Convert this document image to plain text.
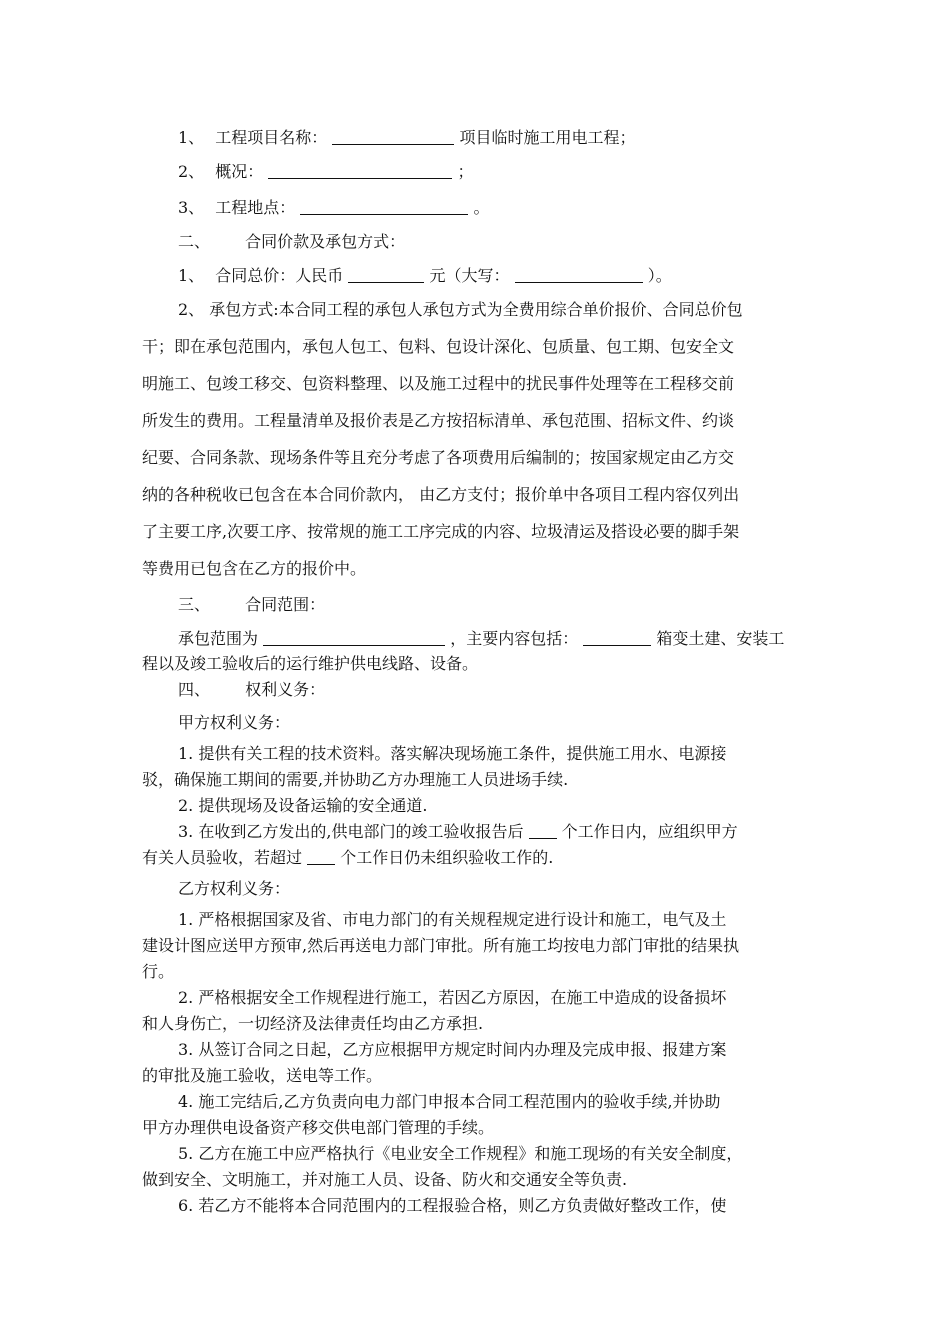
1、 工程项目名称：	项目临时施工用电工程；
2、 概况：	；
3、 工程地点：	。
二、 合同价款及承包方式：
1、 合同总价：人民币	元（大写：	）。
2、 承包方式:本合同工程的承包人承包方式为全费用综合单价报价、合同总价包
干；即在承包范围内，承包人包工、包料、包设计深化、包质量、包工期、包安全文
明施工、包竣工移交、包资料整理、以及施工过程中的扰民事件处理等在工程移交前
所发生的费用。工程量清单及报价表是乙方按招标清单、承包范围、招标文件、约谈
纪要、合同条款、现场条件等且充分考虑了各项费用后编制的；按国家规定由乙方交
纳的各种税收已包含在本合同价款内， 由乙方支付；报价单中各项目工程内容仅列出
了主要工序,次要工序、按常规的施工工序完成的内容、垃圾清运及搭设必要的脚手架
等费用已包含在乙方的报价中。
三、 合同范围：
承包范围为	，主要内容包括：	箱变土建、安装工
程以及竣工验收后的运行维护供电线路、设备。
四、 权利义务：
甲方权利义务：
1. 提供有关工程的技术资料。落实解决现场施工条件，提供施工用水、电源接
驳，确保施工期间的需要,并协助乙方办理施工人员进场手续.
2. 提供现场及设备运输的安全通道.
3. 在收到乙方发出的,供电部门的竣工验收报告后 个工作日内，应组织甲方
有关人员验收，若超过 个工作日仍未组织验收工作的.
乙方权利义务：
1. 严格根据国家及省、市电力部门的有关规程规定进行设计和施工，电气及土
建设计图应送甲方预审,然后再送电力部门审批。所有施工均按电力部门审批的结果执
行。
2. 严格根据安全工作规程进行施工，若因乙方原因，在施工中造成的设备损坏
和人身伤亡，一切经济及法律责任均由乙方承担.
3. 从签订合同之日起，乙方应根据甲方规定时间内办理及完成申报、报建方案
的审批及施工验收，送电等工作。
4. 施工完结后,乙方负责向电力部门申报本合同工程范围内的验收手续,并协助
甲方办理供电设备资产移交供电部门管理的手续。
5. 乙方在施工中应严格执行《电业安全工作规程》和施工现场的有关安全制度，
做到安全、文明施工，并对施工人员、设备、防火和交通安全等负责.
6. 若乙方不能将本合同范围内的工程报验合格，则乙方负责做好整改工作，使
